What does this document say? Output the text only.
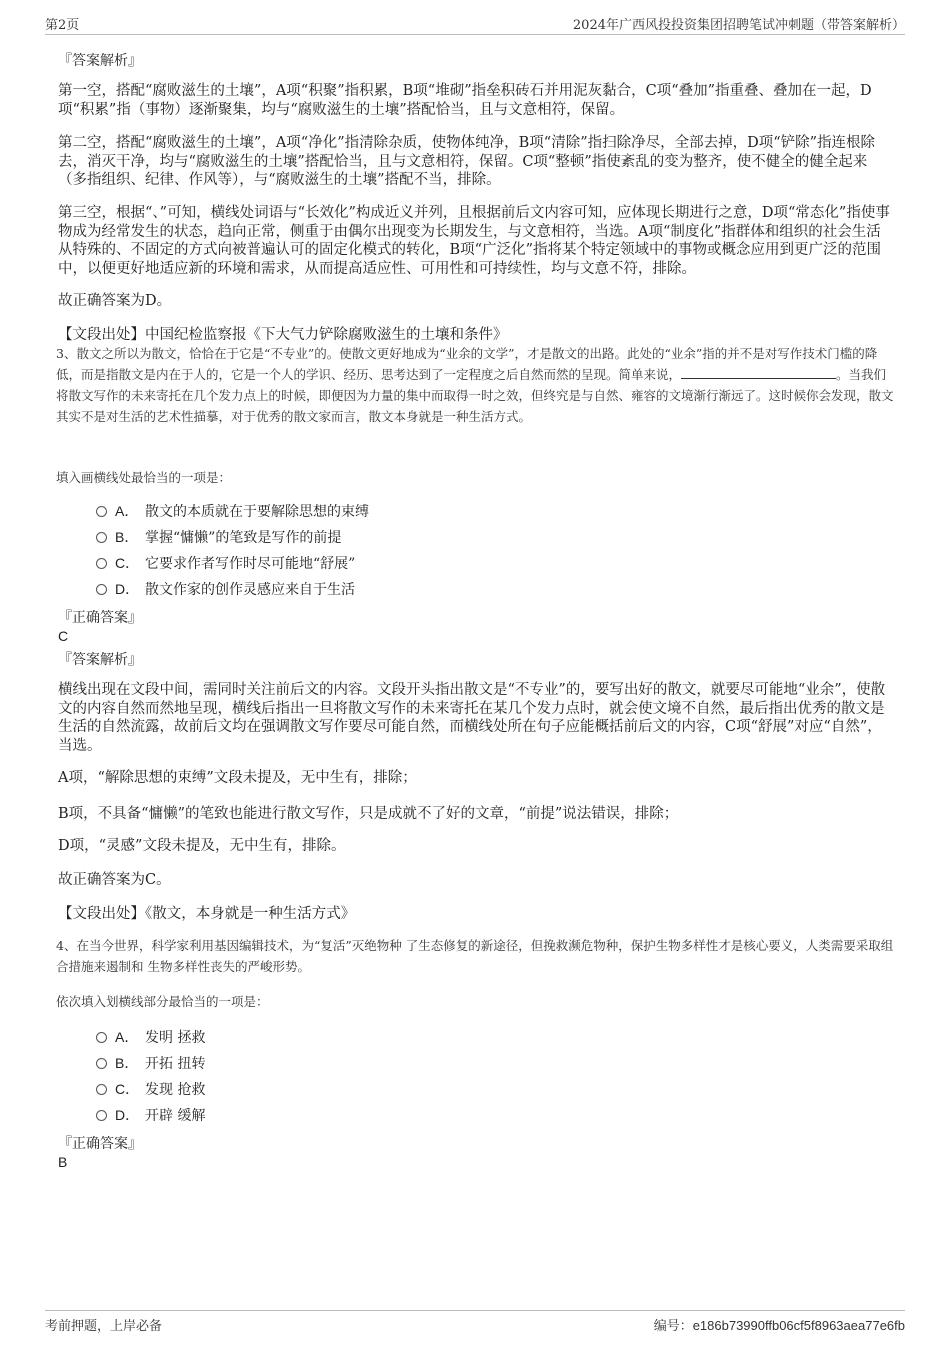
第2页	2024年广西风投投资集团招聘笔试冲刺题（带答案解析）
『答案解析』
第一空，搭配“腐败滋生的土壤”，A项“积聚”指积累，B项“堆砌”指垒积砖石并用泥灰黏合，C项“叠加”指重叠、叠加在一起，D项“积累”指（事物）逐渐聚集，均与“腐败滋生的土壤”搭配恰当，且与文意相符，保留。
第二空，搭配“腐败滋生的土壤”，A项“净化”指清除杂质，使物体纯净，B项“清除”指扫除净尽，全部去掉，D项“铲除”指连根除去，消灭干净，均与“腐败滋生的土壤”搭配恰当，且与文意相符，保留。C项“整顿”指使紊乱的变为整齐，使不健全的健全起来（多指组织、纪律、作风等），与“腐败滋生的土壤”搭配不当，排除。
第三空，根据“、”可知，横线处词语与“长效化”构成近义并列，且根据前后文内容可知，应体现长期进行之意，D项“常态化”指使事物成为经常发生的状态，趋向正常，侧重于由偶尔出现变为长期发生，与文意相符，当选。A项“制度化”指群体和组织的社会生活从特殊的、不固定的方式向被普遍认可的固定化模式的转化，B项“广泛化”指将某个特定领域中的事物或概念应用到更广泛的范围中，以便更好地适应新的环境和需求，从而提高适应性、可用性和可持续性，均与文意不符，排除。
故正确答案为D。
【文段出处】中国纪检监察报《下大气力铲除腐败滋生的土壤和条件》
3、散文之所以为散文，恰恰在于它是“不专业”的。使散文更好地成为“业余的文学”，才是散文的出路。此处的“业余”指的并不是对写作技术门槛的降低，而是指散文是内在于人的，它是一个人的学识、经历、思考达到了一定程度之后自然而然的呈现。简单来说，	。当我们将散文写作的未来寄托在几个发力点上的时候，即便因为力量的集中而取得一时之效，但终究是与自然、雍容的文境渐行渐远了。这时候你会发现，散文其实不是对生活的艺术性描摹，对于优秀的散文家而言，散文本身就是一种生活方式。
填入画横线处最恰当的一项是：
A． 散文的本质就在于要解除思想的束缚
B． 掌握“慵懒”的笔致是写作的前提
C． 它要求作者写作时尽可能地“舒展”
D． 散文作家的创作灵感应来自于生活
『正确答案』
C
『答案解析』
横线出现在文段中间，需同时关注前后文的内容。文段开头指出散文是“不专业”的，要写出好的散文，就要尽可能地“业余”，使散文的内容自然而然地呈现，横线后指出一旦将散文写作的未来寄托在某几个发力点时，就会使文境不自然，最后指出优秀的散文是生活的自然流露，故前后文均在强调散文写作要尽可能自然，而横线处所在句子应能概括前后文的内容，C项“舒展”对应“自然”，当选。
A项，“解除思想的束缚”文段未提及，无中生有，排除；
B项，不具备“慵懒”的笔致也能进行散文写作，只是成就不了好的文章，“前提”说法错误，排除；
D项，“灵感”文段未提及，无中生有，排除。
故正确答案为C。
【文段出处】《散文，本身就是一种生活方式》
4、在当今世界，科学家利用基因编辑技术，为“复活”灭绝物种 了生态修复的新途径，但挽救濒危物种，保护生物多样性才是核心要义，人类需要采取组合措施来遏制和 生物多样性丧失的严峻形势。
依次填入划横线部分最恰当的一项是：
A． 发明 拯救
B． 开拓 扭转
C． 发现 抢救
D． 开辟 缓解
『正确答案』
B
考前押题，上岸必备	编号：e186b73990ffb06cf5f8963aea77e6fb
